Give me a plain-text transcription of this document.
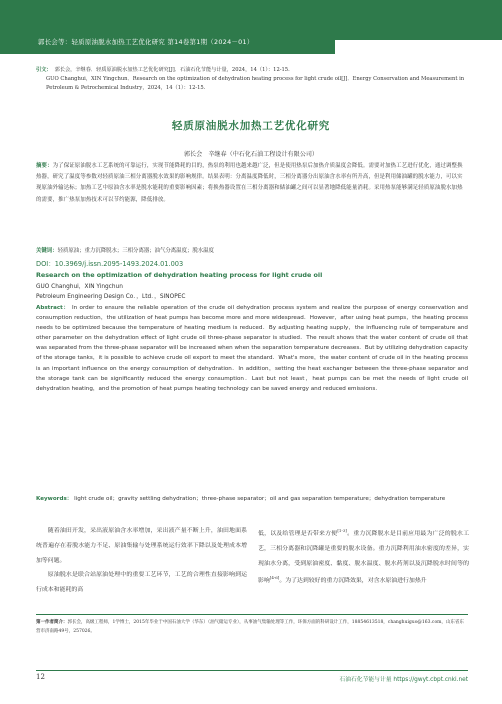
郭长会等：轻质原油脱水加热工艺优化研究 第14卷第1期（2024－01）
引文： 郭长会，辛继春．轻质原油脱水加热工艺优化研究[J]．石油石化节能与计量，2024，14（1）：12-15.
GUO Changhui，XIN Yingchun．Research on the optimization of dehydration heating process for light crude oil[J]．Energy Conservation and Measurement in Petroleum & Petrochemical Industry，2024，14（1）：12-15.
轻质原油脱水加热工艺优化研究
郭长会　辛继春（中石化石油工程设计有限公司）
摘要：为了保证原油脱水工艺系统的可靠运行，实现节能降耗的目的，热泵的利用也越来越广泛，但是使用热泵后加热介质温度会降低。需要对加热工艺进行优化，通过调整换热器，研究了温度等参数对轻质原油三相分离器脱水效果的影响规律。结果表明：分离温度降低时，三相分离器分出原油含水率有所升高，但是利用储油罐的脱水能力，可以实现原油外输达标；加热工艺中原油含水率是脱水能耗的重要影响因素；将换热器设置在三相分离器和储油罐之间可以显著地降低能量消耗。采用热泵能够满足轻质原油脱水加热的需要，推广热泵加热技术可以节约能源，降低排放。
关键词：轻质原油；重力沉降脱水；三相分离器；油气分离温度；脱水温度
DOI：10.3969/j.issn.2095-1493.2024.01.003
Research on the optimization of dehydration heating process for light crude oil
GUO Changhui，XIN Yingchun
Petroleum Engineering Design Co．，Ltd．，SINOPEC
Abstract： In order to ensure the reliable operation of the crude oil dehydration process system and realize the purpose of energy conservation and consumption reduction，the utilization of heat pumps has become more and more widespread．However，after using heat pumps，the heating process needs to be optimized because the temperature of heating medium is reduced．By adjusting heating supply，the influencing rule of temperature and other parameter on the dehydration effect of light crude oil three-phase separator is studied．The result shows that the water content of crude oil that was separated from the three-phase separator will be increased when when the separation temperature decreases．But by utilizing dehydration capacity of the storage tanks，it is possible to achieve crude oil export to meet the standard．What's more，the water content of crude oil in the heating process is an important influence on the energy consumption of dehydration．In addition，setting the heat exchanger between the three-phase separator and the storage tank can be significantly reduced the energy consumption．Last but not least，heat pumps can be met the needs of light crude oil dehydration heating，and the promotion of heat pumps heating technology can be saved energy and reduced emissions．
Keywords： light crude oil；gravity settling dehydration；three-phase separator；oil and gas separation temperature；dehydration temperature

随着油田开发，采出液原油含水率增加，采出液产量不断上升，油田地面系统普遍存在着脱水能力不足、原油集输与处理系统运行效率下降以及处理成本增加等问题。

原油脱水是联合站原油处理中的重要工艺环节，工艺的合理性直接影响到运行成本和能耗的高

低，以及给管理是否带来方便[1-3]。重力沉降脱水是目前应用最为广泛的脱水工艺，三相分离器和沉降罐是重要的脱水设备。重力沉降利用油水密度的差异，实现油水分离，受到原油密度、黏度、脱水温度、脱水药剂以及沉降脱水时间等的影响[4-6]。为了达到较好的重力沉降效果，对含水原油进行加热升

第一作者简介：郭长会，高级工程师，1学博士，2015年毕业于中国石油大学（华东）（油气储运专业），从事油气集输处理等工作，环保方面的科研设计工作，18854613518，changhuiguo@163.com，山东省东营市济南路49号，257026。
12	石油石化节能与计量 https://gwyt.cbpt.cnki.net
